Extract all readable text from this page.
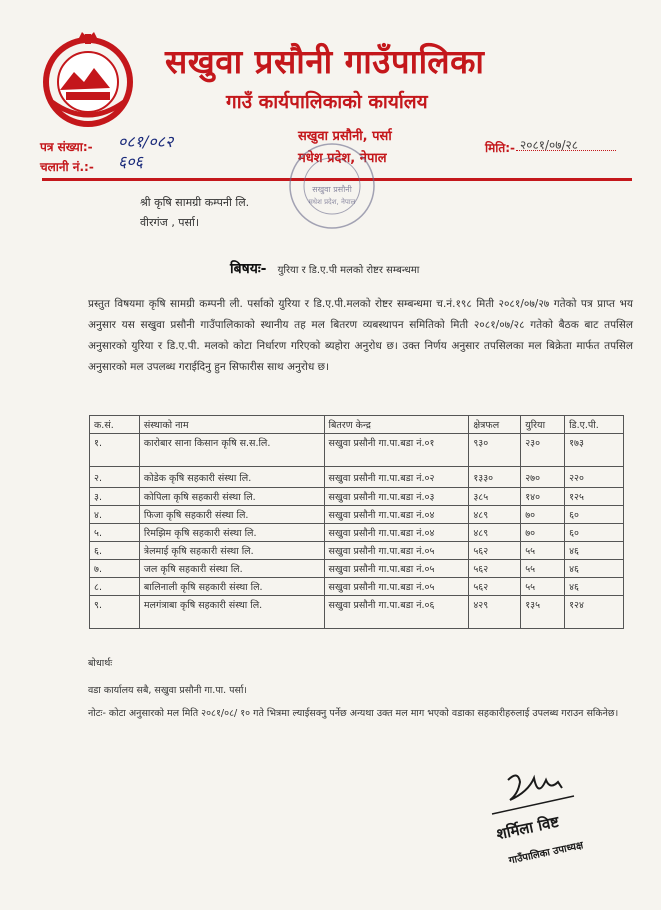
सखुवा प्रसौनी गाउँपालिका
गाउँ कार्यपालिकाको कार्यालय
पत्र संख्या:- ०८१/०८२
चलानी नं.:- ६०६
सखुवा प्रसौनी, पर्सा
मधेश प्रदेश, नेपाल
मिति:- २०८१/०७/२८
सखुवा प्रसौनी
मधेश प्रदेश, नेपाल
श्री कृषि सामग्री कम्पनी लि.
वीरगंज , पर्सा।
बिषयः- युरिया र डि.ए.पी मलको रोष्टर सम्बन्धमा
प्रस्तुत विषयमा कृषि सामग्री कम्पनी ली. पर्साको युरिया र डि.ए.पी.मलको रोष्टर सम्बन्धमा च.नं.१९८ मिती २०८१/०७/२७ गतेको पत्र प्राप्त भय अनुसार यस सखुवा प्रसौनी गाउँपालिकाको स्थानीय तह मल बितरण व्यबस्थापन समितिको मिती २०८१/०७/२८ गतेको बैठक बाट तपसिल अनुसारको युरिया र डि.ए.पी. मलको कोटा निर्धारण गरिएको ब्यहोरा अनुरोध छ। उक्त निर्णय अनुसार तपसिलका मल बिक्रेता मार्फत तपसिल अनुसारको मल उपलब्ध गराईदिनु हुन सिफारीस साथ अनुरोध छ।
क.सं.	संस्थाको नाम	बितरण केन्द्र	क्षेत्रफल	युरिया	डि.ए.पी.
१.	कारोबार साना किसान कृषि स.स.लि.	सखुवा प्रसौनी गा.पा.बडा नं.०१	९३०	२३०	१७३
२.	कोडेक कृषि सहकारी संस्था लि.	सखुवा प्रसौनी गा.पा.बडा नं.०२	१३३०	२७०	२२०
३.	कोपिला कृषि सहकारी संस्था लि.	सखुवा प्रसौनी गा.पा.बडा नं.०३	३८५	१४०	१२५
४.	फिजा कृषि सहकारी संस्था लि.	सखुवा प्रसौनी गा.पा.बडा नं.०४	४८९	७०	६०
५.	रिमझिम कृषि सहकारी संस्था लि.	सखुवा प्रसौनी गा.पा.बडा नं.०४	४८९	७०	६०
६.	त्रेलमाई कृषि सहकारी संस्था लि.	सखुवा प्रसौनी गा.पा.बडा नं.०५	५६२	५५	४६
७.	जल कृषि सहकारी संस्था लि.	सखुवा प्रसौनी गा.पा.बडा नं.०५	५६२	५५	४६
८.	बालिनाली कृषि सहकारी संस्था लि.	सखुवा प्रसौनी गा.पा.बडा नं.०५	५६२	५५	४६
९.	मलगंत्राबा कृषि सहकारी संस्था लि.	सखुवा प्रसौनी गा.पा.बडा नं.०६	४२९	१३५	१२४
बोधार्थः
वडा कार्यालय सबै, सखुवा प्रसौनी गा.पा. पर्सा।
नोटः- कोटा अनुसारको मल मिति २०८१/०८/ १० गते भित्रमा ल्याईसक्नु पर्नेछ अन्यथा उक्त मल माग भएको वडाका सहकारीहरुलाई उपलब्ध गराउन सकिनेछ।
शर्मिला विष्ट
गाउँपालिका उपाध्यक्ष
